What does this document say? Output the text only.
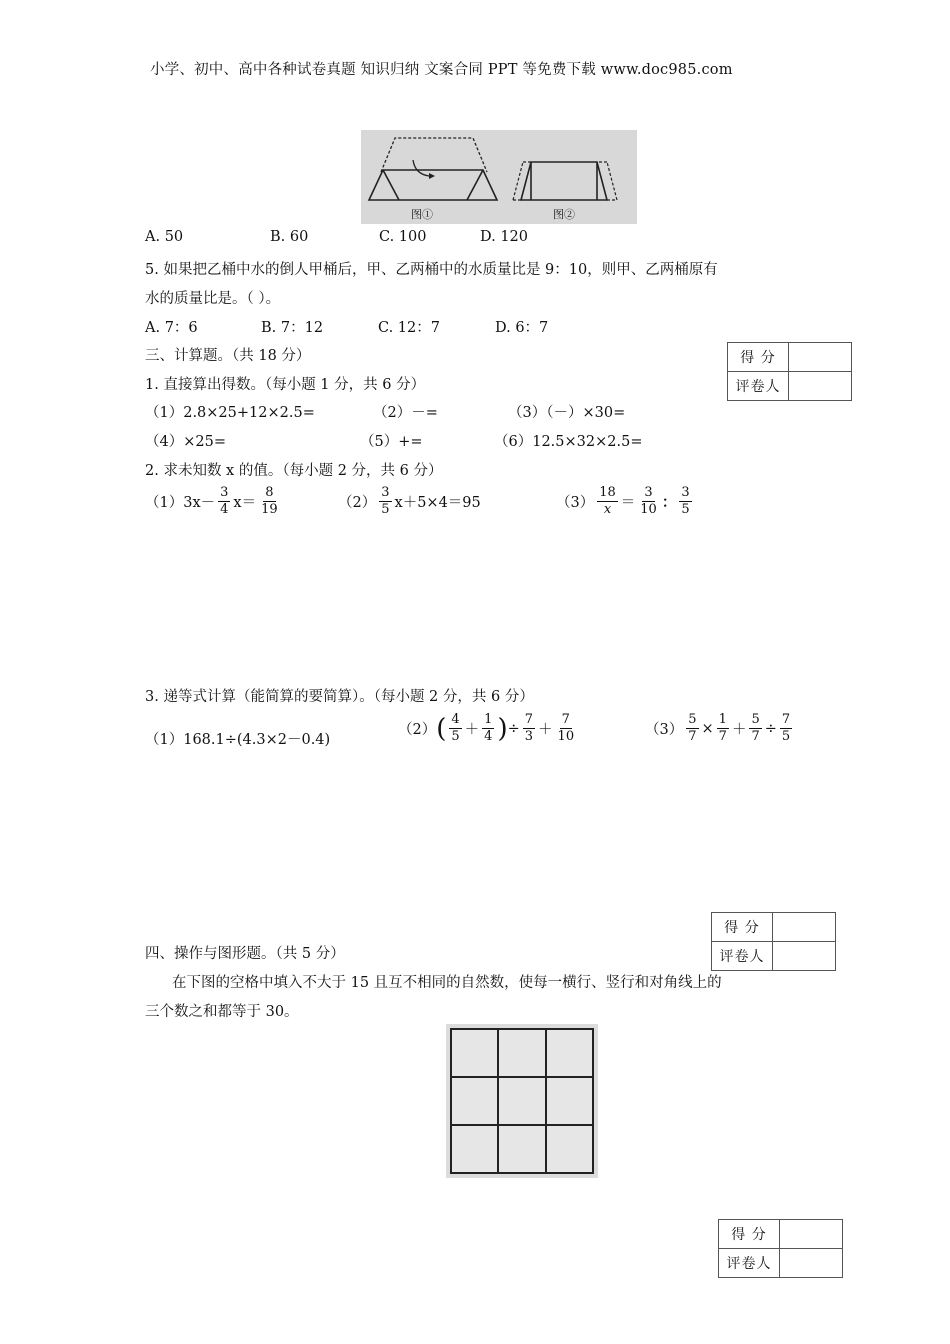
小学、初中、高中各种试卷真题 知识归纳 文案合同 PPT 等免费下载 www.doc985.com
图①	图②
A. 50	B. 60	C. 100	D. 120
5. 如果把乙桶中水的倒人甲桶后，甲、乙两桶中的水质量比是 9：10，则甲、乙两桶原有
水的质量比是。（ ）。
A. 7：6	B. 7：12	C. 12：7	D. 6：7
得 分	
评卷人	
三、计算题。（共 18 分）
1. 直接算出得数。（每小题 1 分，共 6 分）
（1）2.8×25+12×2.5=	（2）－=	（3）（－）×30=
（4）×25=	（5）+=	（6）12.5×32×2.5=
2. 求未知数 x 的值。（每小题 2 分，共 6 分）
（1） $3x- \frac{3}{4} x= \frac{8}{19}$	$(2) \frac{3}{5} x+5\times 4=95$	$(3) \frac{18}{x} = \frac{3}{10}$ ： $\frac{3}{5}$
3. 递等式计算（能简算的要简算）。（每小题 2 分，共 6 分）
（1）168.1÷(4.3×2－0.4)
（2） ( $\frac{4}{5} + \frac{1}{4}$ ) ÷ $\frac{7}{3} + \frac{7}{10}$	$(3) \frac{5}{7} \times \frac{1}{7} + \frac{5}{7} \div \frac{7}{5}$
得 分	
评卷人	
四、操作与图形题。（共 5 分）
在下图的空格中填入不大于 15 且互不相同的自然数，使每一横行、竖行和对角线上的
三个数之和都等于 30。
得 分	
评卷人	
